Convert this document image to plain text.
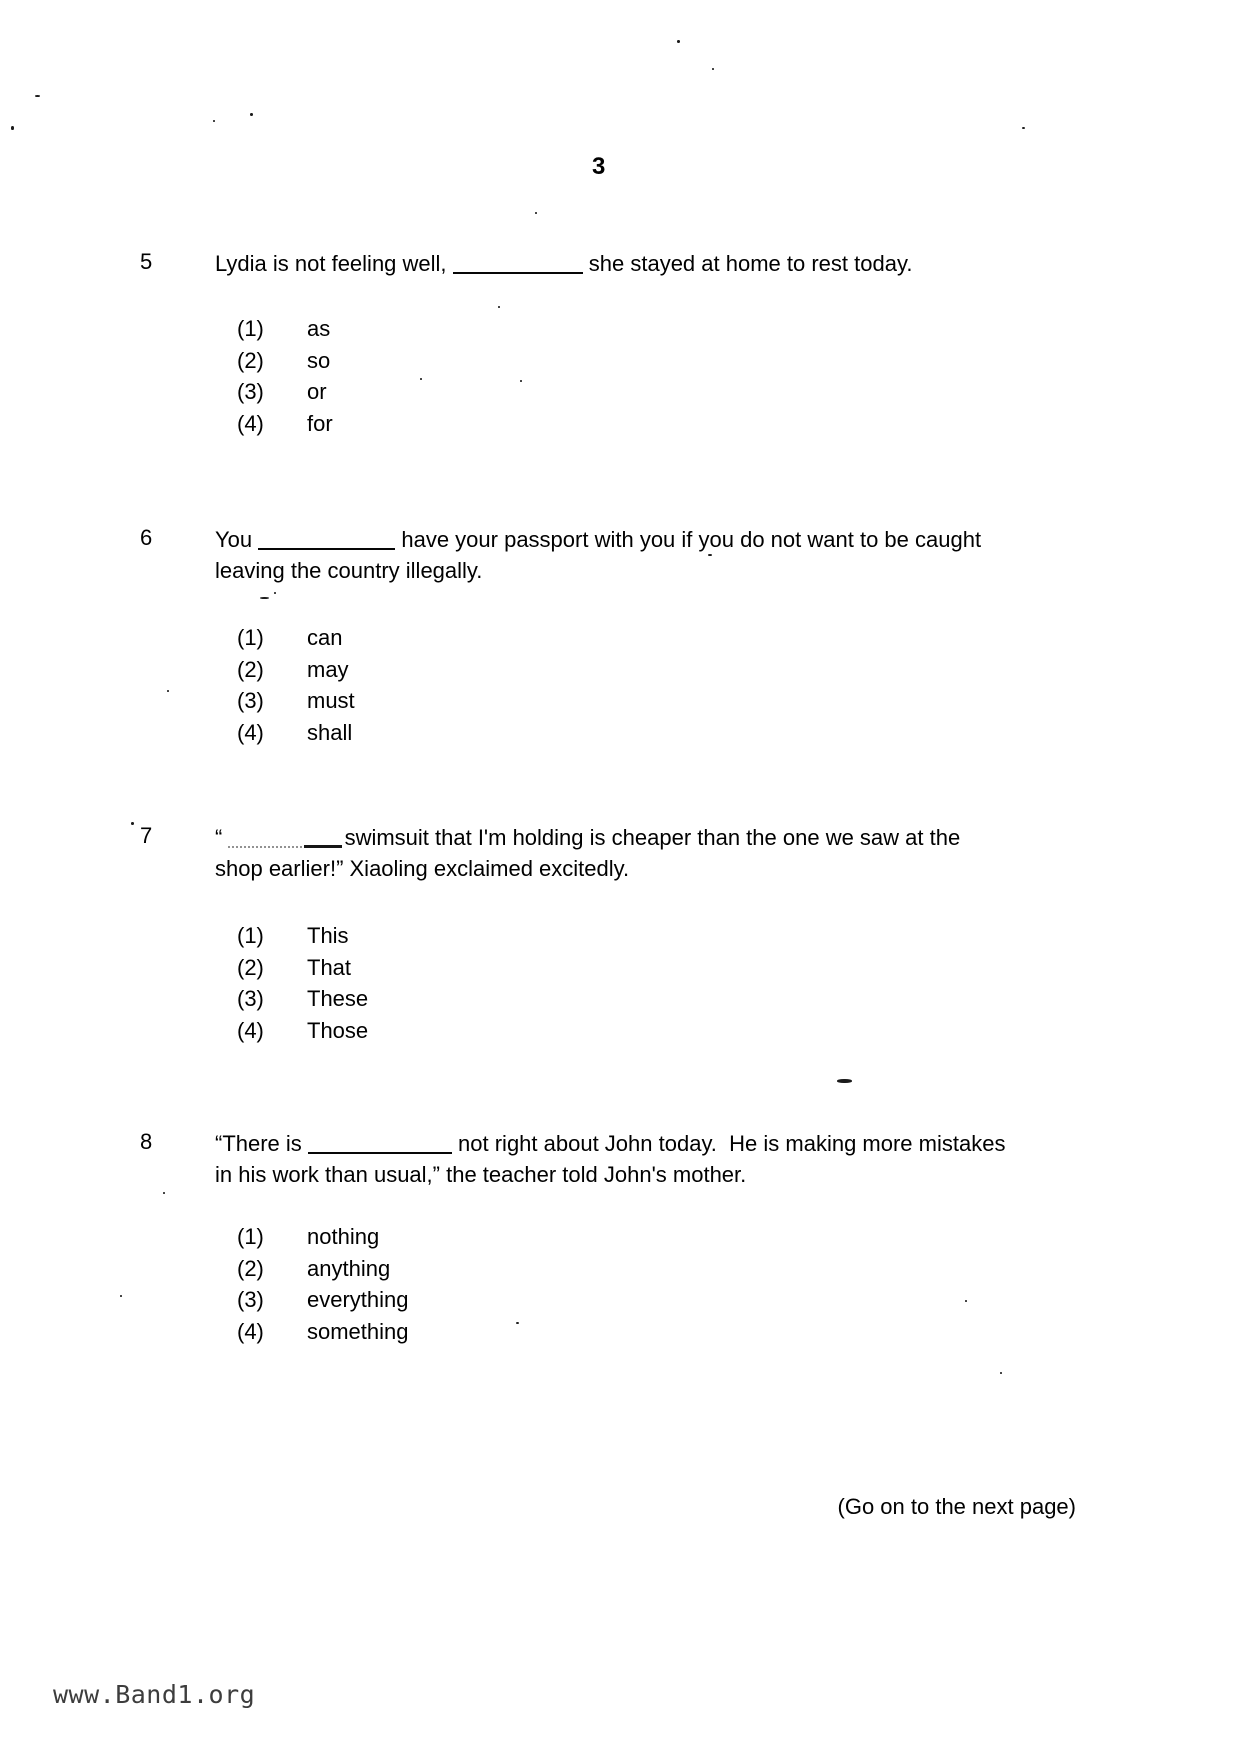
3
5	Lydia is not feeling well,	she stayed at home to rest today.
(1)	as
(2)	so
(3)	or
(4)	for
6	You	have your passport with you if you do not want to be caught
leaving the country illegally.
(1)	can
(2)	may
(3)	must
(4)	shall
7	“	swimsuit that I'm holding is cheaper than the one we saw at the
shop earlier!” Xiaoling exclaimed excitedly.
(1)	This
(2)	That
(3)	These
(4)	Those
8	“There is	not right about John today.  He is making more mistakes
in his work than usual,” the teacher told John's mother.
(1)	nothing
(2)	anything
(3)	everything
(4)	something
(Go on to the next page)
www.Band1.org
